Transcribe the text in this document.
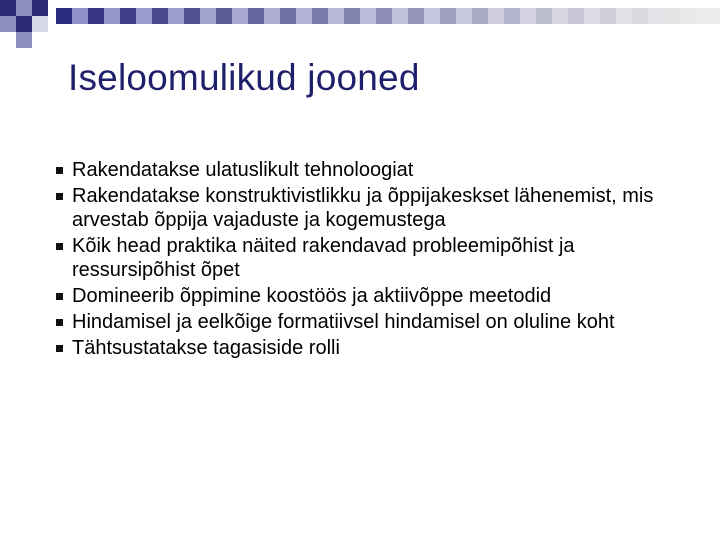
Iseloomulikud jooned
Rakendatakse ulatuslikult tehnoloogiat
Rakendatakse konstruktivistlikku ja õppijakeskset lähenemist, mis arvestab õppija vajaduste ja kogemustega
Kõik head praktika näited rakendavad probleemipõhist ja ressursipõhist õpet
Domineerib õppimine koostöös ja aktiivõppe meetodid
Hindamisel ja eelkõige formatiivsel hindamisel on oluline koht
Tähtsustatakse tagasiside rolli
